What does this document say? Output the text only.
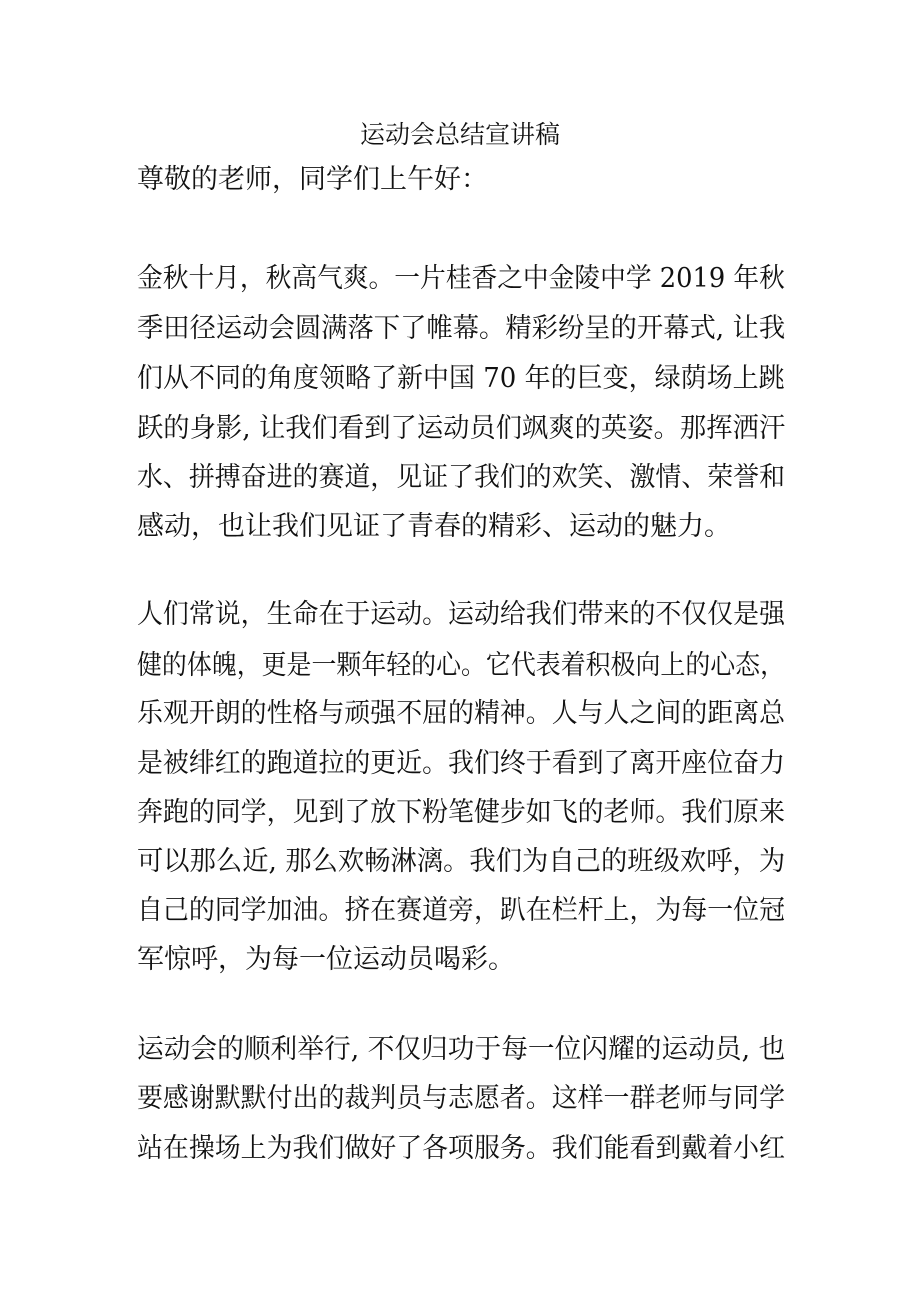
运动会总结宣讲稿
尊敬的老师，同学们上午好：
金秋十月，秋高气爽。一片桂香之中金陵中学 2019 年秋
季田径运动会圆满落下了帷幕。精彩纷呈的开幕式, 让我
们从不同的角度领略了新中国 70 年的巨变，绿荫场上跳
跃的身影, 让我们看到了运动员们飒爽的英姿。那挥洒汗
水、拼搏奋进的赛道，见证了我们的欢笑、激情、荣誉和
感动，也让我们见证了青春的精彩、运动的魅力。
人们常说，生命在于运动。运动给我们带来的不仅仅是强
健的体魄，更是一颗年轻的心。它代表着积极向上的心态，
乐观开朗的性格与顽强不屈的精神。人与人之间的距离总
是被绯红的跑道拉的更近。我们终于看到了离开座位奋力
奔跑的同学，见到了放下粉笔健步如飞的老师。我们原来
可以那么近, 那么欢畅淋漓。我们为自己的班级欢呼，为
自己的同学加油。挤在赛道旁，趴在栏杆上，为每一位冠
军惊呼，为每一位运动员喝彩。
运动会的顺利举行, 不仅归功于每一位闪耀的运动员, 也
要感谢默默付出的裁判员与志愿者。这样一群老师与同学
站在操场上为我们做好了各项服务。我们能看到戴着小红
